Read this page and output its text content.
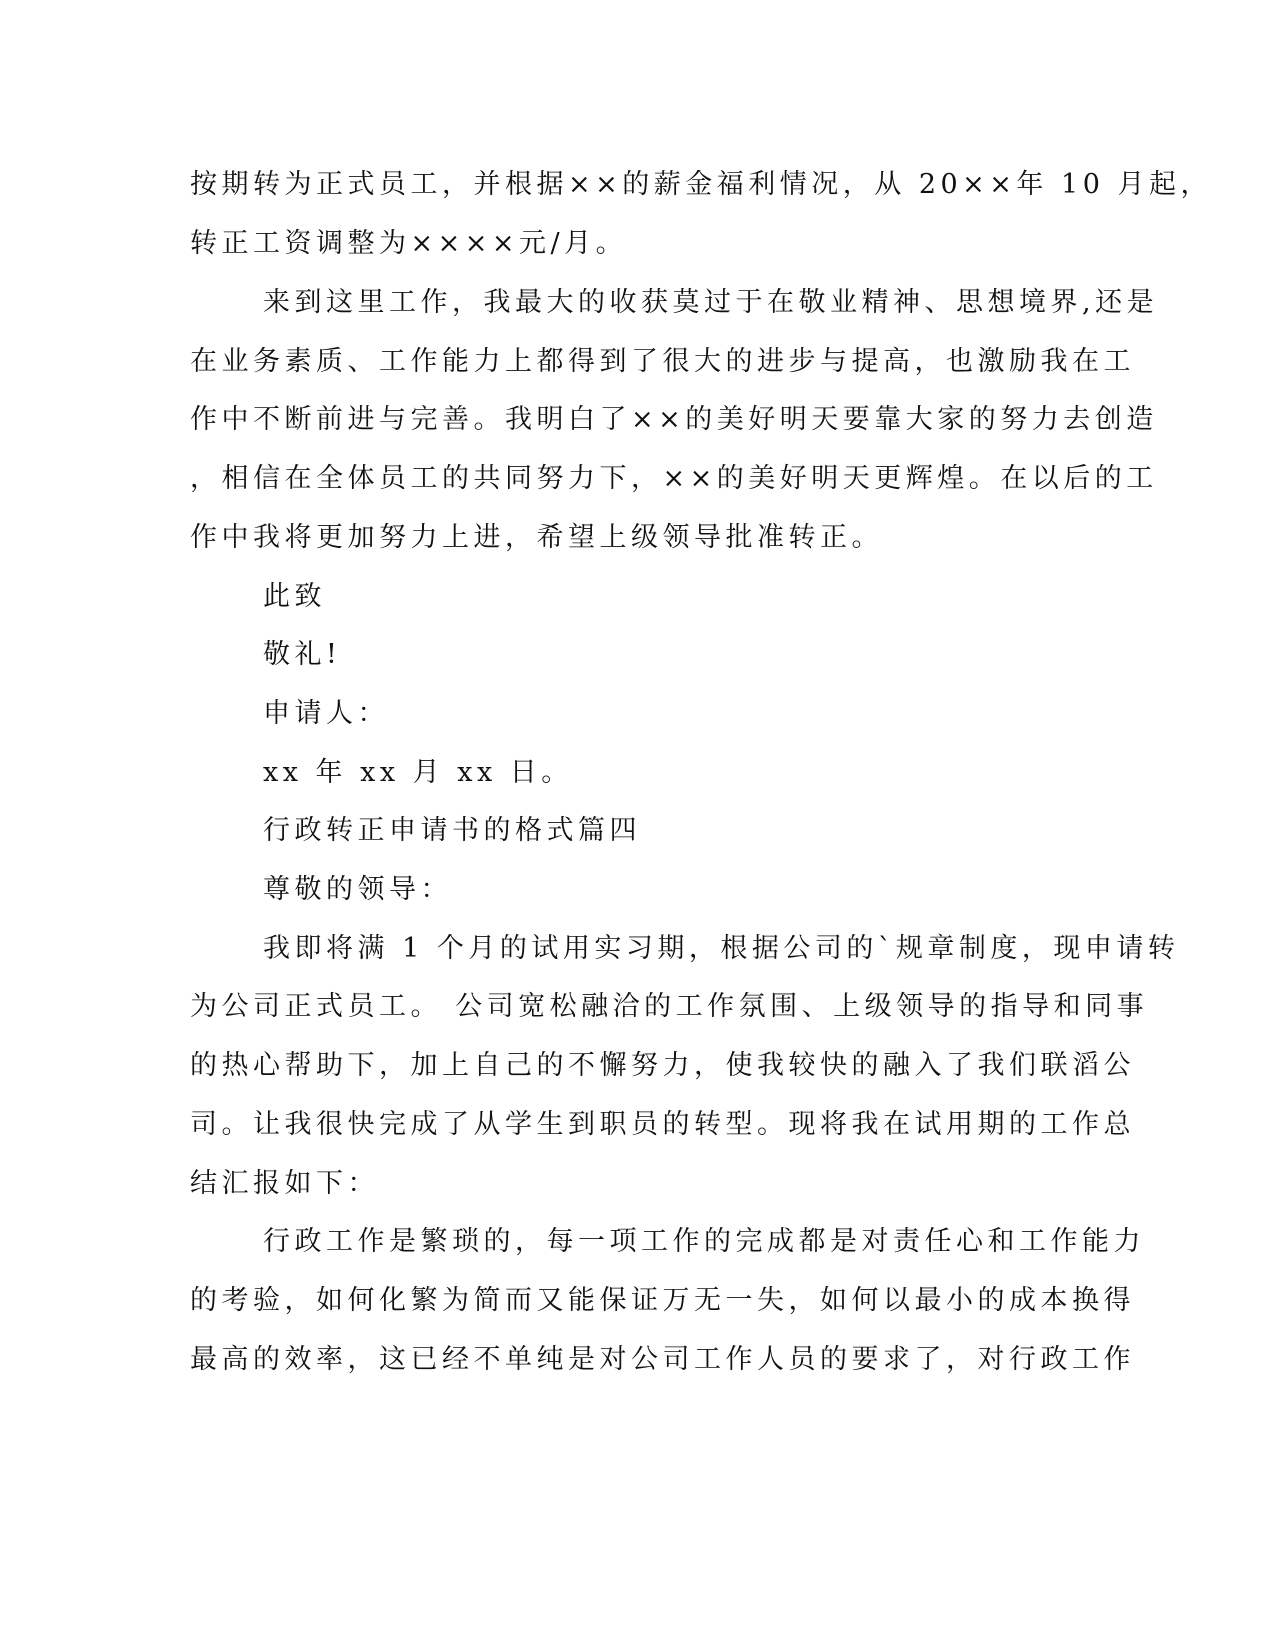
按期转为正式员工，并根据××的薪金福利情况，从 20××年 10 月起，
转正工资调整为××××元/月。
来到这里工作，我最大的收获莫过于在敬业精神、思想境界,还是
在业务素质、工作能力上都得到了很大的进步与提高，也激励我在工
作中不断前进与完善。我明白了××的美好明天要靠大家的努力去创造
，相信在全体员工的共同努力下，××的美好明天更辉煌。在以后的工
作中我将更加努力上进，希望上级领导批准转正。
此致
敬礼!
申请人：
xx 年 xx 月 xx 日。
行政转正申请书的格式篇四
尊敬的领导：
我即将满 1 个月的试用实习期，根据公司的`规章制度，现申请转
为公司正式员工。 公司宽松融洽的工作氛围、上级领导的指导和同事
的热心帮助下，加上自己的不懈努力，使我较快的融入了我们联滔公
司。让我很快完成了从学生到职员的转型。现将我在试用期的工作总
结汇报如下：
行政工作是繁琐的，每一项工作的完成都是对责任心和工作能力
的考验，如何化繁为简而又能保证万无一失，如何以最小的成本换得
最高的效率，这已经不单纯是对公司工作人员的要求了，对行政工作
